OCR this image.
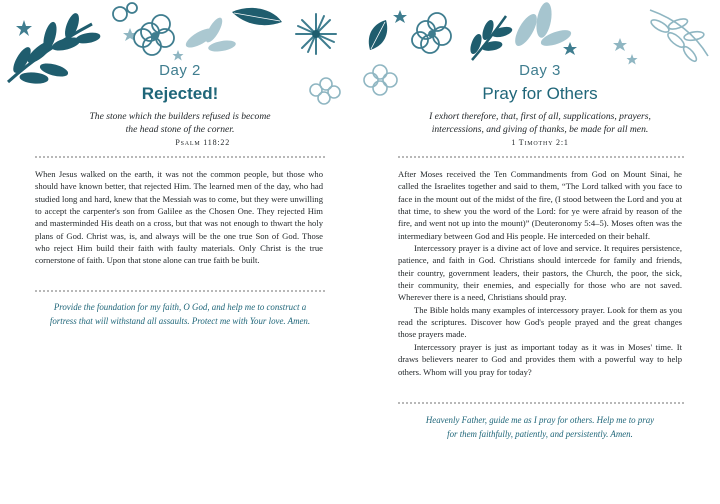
Day 2
Rejected!
The stone which the builders refused is become
the head stone of the corner.
Psalm 118:22

When Jesus walked on the earth, it was not the common people, but those who should have known better, that rejected Him. The learned men of the day, who had studied long and hard, knew that the Messiah was to come, but they were unwilling to accept the carpenter's son from Galilee as the Chosen One. They rejected Him and masterminded His death on a cross, but that was not enough to thwart the holy plans of God. Christ was, is, and always will be the one true Son of God. Those who reject Him build their faith with faulty materials. Only Christ is the true cornerstone of faith. Upon that stone alone can true faith be built.

Provide the foundation for my faith, O God, and help me to construct a
fortress that will withstand all assaults. Protect me with Your love. Amen.
Day 3
Pray for Others
I exhort therefore, that, first of all, supplications, prayers,
intercessions, and giving of thanks, be made for all men.
1 Timothy 2:1

After Moses received the Ten Commandments from God on Mount Sinai, he called the Israelites together and said to them, “The Lord talked with you face to face in the mount out of the midst of the fire, (I stood between the Lord and you at that time, to shew you the word of the Lord: for ye were afraid by reason of the fire, and went not up into the mount)” (Deuteronomy 5:4–5). Moses often was the intermediary between God and His people. He interceded on their behalf.

Intercessory prayer is a divine act of love and service. It requires persistence, patience, and faith in God. Christians should intercede for family and friends, their country, government leaders, their pastors, the Church, the poor, the sick, their community, their enemies, and especially for those who are not saved. Wherever there is a need, Christians should pray.

The Bible holds many examples of intercessory prayer. Look for them as you read the scriptures. Discover how God's people prayed and the great changes those prayers made.

Intercessory prayer is just as important today as it was in Moses' time. It draws believers nearer to God and provides them with a powerful way to help others. Whom will you pray for today?

Heavenly Father, guide me as I pray for others. Help me to pray
for them faithfully, patiently, and persistently. Amen.
